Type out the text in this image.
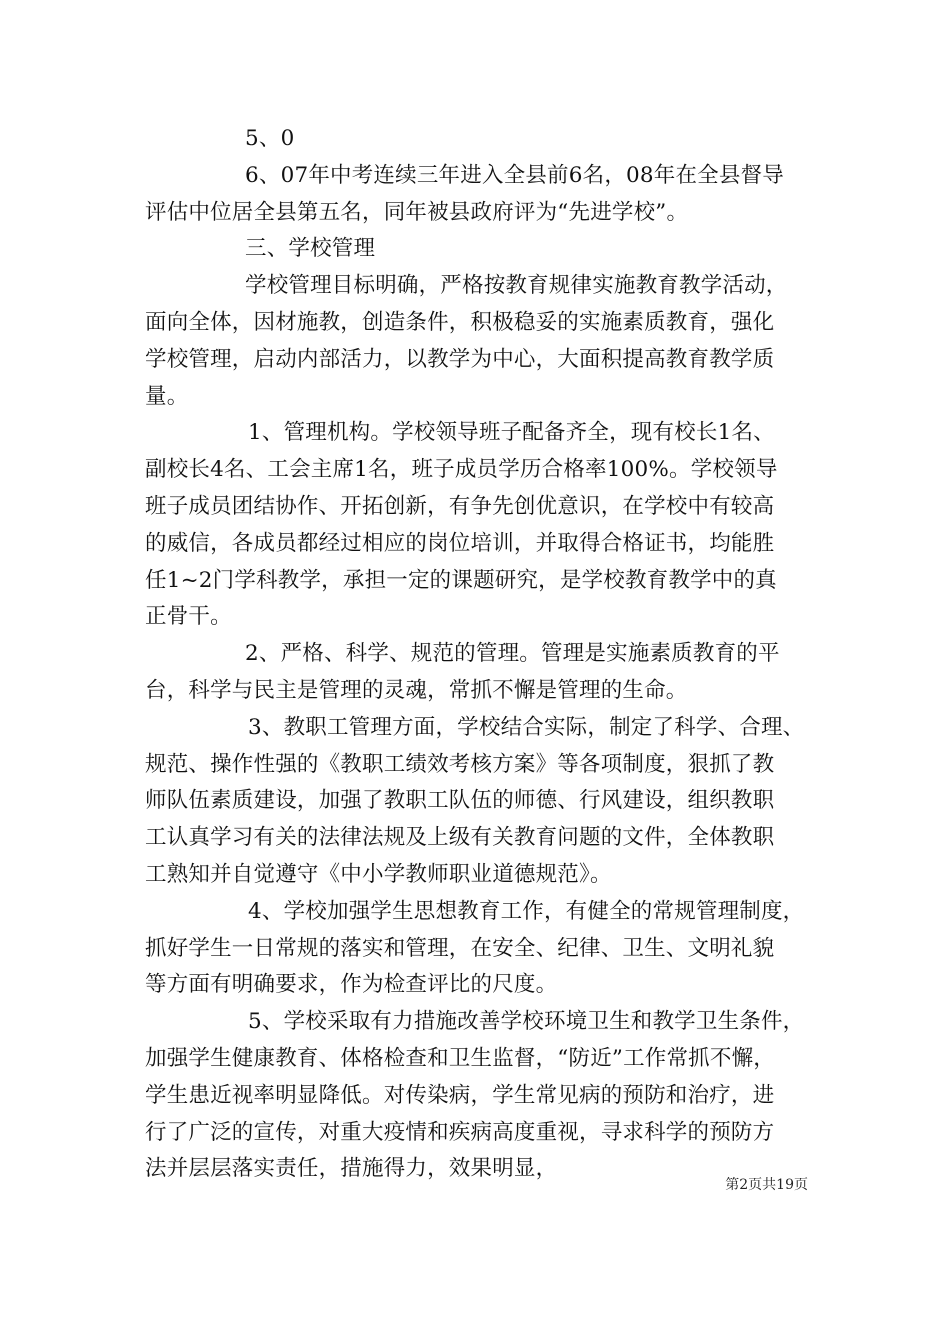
5、0
6、07年中考连续三年进入全县前6名，08年在全县督导
评估中位居全县第五名，同年被县政府评为“先进学校”。
三、学校管理
学校管理目标明确，严格按教育规律实施教育教学活动，
面向全体，因材施教，创造条件，积极稳妥的实施素质教育，强化
学校管理，启动内部活力，以教学为中心，大面积提高教育教学质
量。
1、管理机构。学校领导班子配备齐全，现有校长1名、
副校长4名、工会主席1名，班子成员学历合格率100%。学校领导
班子成员团结协作、开拓创新，有争先创优意识，在学校中有较高
的威信，各成员都经过相应的岗位培训，并取得合格证书，均能胜
任1~2门学科教学，承担一定的课题研究，是学校教育教学中的真
正骨干。
2、严格、科学、规范的管理。管理是实施素质教育的平
台，科学与民主是管理的灵魂，常抓不懈是管理的生命。
3、教职工管理方面，学校结合实际，制定了科学、合理、
规范、操作性强的《教职工绩效考核方案》等各项制度，狠抓了教
师队伍素质建设，加强了教职工队伍的师德、行风建设，组织教职
工认真学习有关的法律法规及上级有关教育问题的文件，全体教职
工熟知并自觉遵守《中小学教师职业道德规范》。
4、学校加强学生思想教育工作，有健全的常规管理制度，
抓好学生一日常规的落实和管理，在安全、纪律、卫生、文明礼貌
等方面有明确要求，作为检查评比的尺度。
5、学校采取有力措施改善学校环境卫生和教学卫生条件，
加强学生健康教育、体格检查和卫生监督，“防近”工作常抓不懈，
学生患近视率明显降低。对传染病，学生常见病的预防和治疗，进
行了广泛的宣传，对重大疫情和疾病高度重视，寻求科学的预防方
法并层层落实责任，措施得力，效果明显，
第2页共19页
